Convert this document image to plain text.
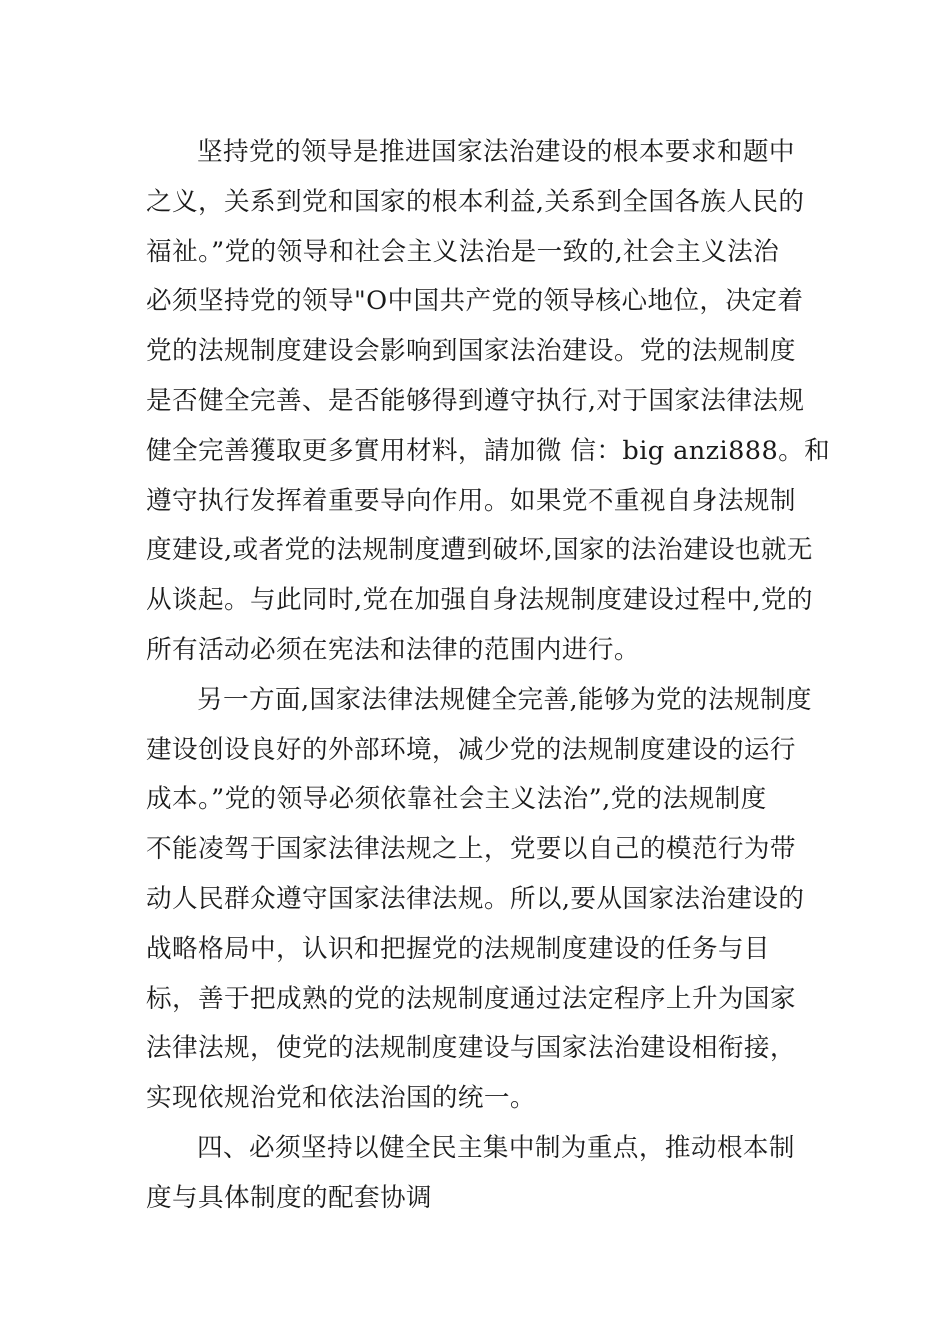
坚持党的领导是推进国家法治建设的根本要求和题中
之义，关系到党和国家的根本利益,关系到全国各族人民的
福祉。”党的领导和社会主义法治是一致的,社会主义法治
必须坚持党的领导"O中国共产党的领导核心地位，决定着
党的法规制度建设会影响到国家法治建设。党的法规制度
是否健全完善、是否能够得到遵守执行,对于国家法律法规
健全完善獲取更多實用材料，請加微 信：big anzi888。和
遵守执行发挥着重要导向作用。如果党不重视自身法规制
度建设,或者党的法规制度遭到破坏,国家的法治建设也就无
从谈起。与此同时,党在加强自身法规制度建设过程中,党的
所有活动必须在宪法和法律的范围内进行。
另一方面,国家法律法规健全完善,能够为党的法规制度
建设创设良好的外部环境，减少党的法规制度建设的运行
成本。”党的领导必须依靠社会主义法治”,党的法规制度
不能凌驾于国家法律法规之上，党要以自己的模范行为带
动人民群众遵守国家法律法规。所以,要从国家法治建设的
战略格局中，认识和把握党的法规制度建设的任务与目
标，善于把成熟的党的法规制度通过法定程序上升为国家
法律法规，使党的法规制度建设与国家法治建设相衔接，
实现依规治党和依法治国的统一。
四、必须坚持以健全民主集中制为重点，推动根本制
度与具体制度的配套协调
